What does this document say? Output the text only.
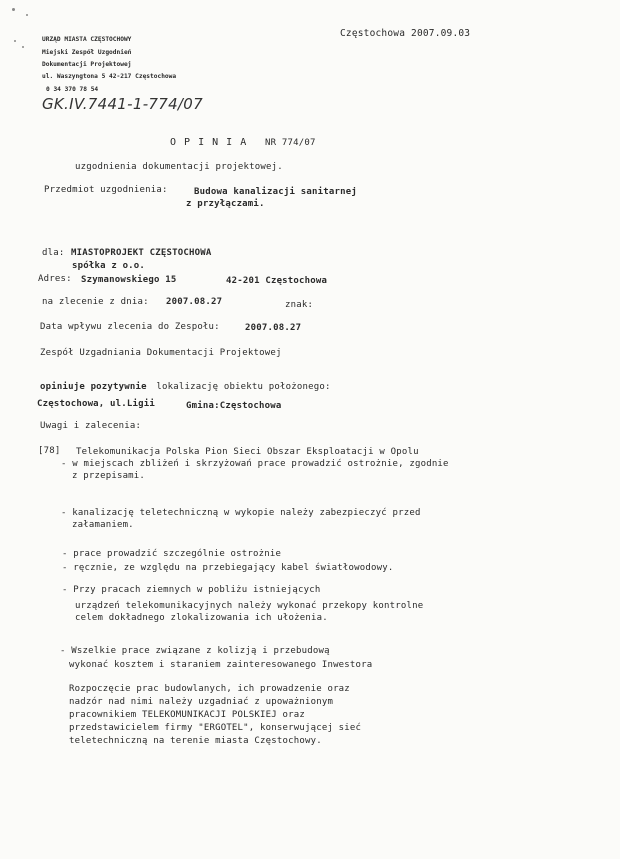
Częstochowa 2007.09.03
URZĄD MIASTA CZĘSTOCHOWY
Miejski Zespół Uzgodnień
Dokumentacji Projektowej
ul. Waszyngtona 5 42-217 Częstochowa
0 34 370 78 54
GK.IV.7441-1-774/07
O P I N I A NR 774/07
uzgodnienia dokumentacji projektowej.
Przedmiot uzgodnienia:	Budowa kanalizacji sanitarnej
z przyłączami.
dla: MIASTOPROJEKT CZĘSTOCHOWA
spółka z o.o.
Adres: Szymanowskiego 15	42-201 Częstochowa
na zlecenie z dnia: 2007.08.27	znak:
Data wpływu zlecenia do Zespołu:	2007.08.27
Zespół Uzgadniania Dokumentacji Projektowej
opiniuje pozytywnie lokalizację obiektu położonego:
Częstochowa, ul.Ligii	Gmina:Częstochowa
Uwagi i zalecenia:
[78] Telekomunikacja Polska Pion Sieci Obszar Eksploatacji w Opolu
- w miejscach zbliżeń i skrzyżowań prace prowadzić ostrożnie, zgodnie
z przepisami.
- kanalizację teletechniczną w wykopie należy zabezpieczyć przed
załamaniem.
- prace prowadzić szczególnie ostrożnie
- ręcznie, ze względu na przebiegający kabel światłowodowy.
- Przy pracach ziemnych w pobliżu istniejących
urządzeń telekomunikacyjnych należy wykonać przekopy kontrolne
celem dokładnego zlokalizowania ich ułożenia.
- Wszelkie prace związane z kolizją i przebudową
wykonać kosztem i staraniem zainteresowanego Inwestora
Rozpoczęcie prac budowlanych, ich prowadzenie oraz
nadzór nad nimi należy uzgadniać z upoważnionym
pracownikiem TELEKOMUNIKACJI POLSKIEJ oraz
przedstawicielem firmy "ERGOTEL", konserwującej sieć
teletechniczną na terenie miasta Częstochowy.
